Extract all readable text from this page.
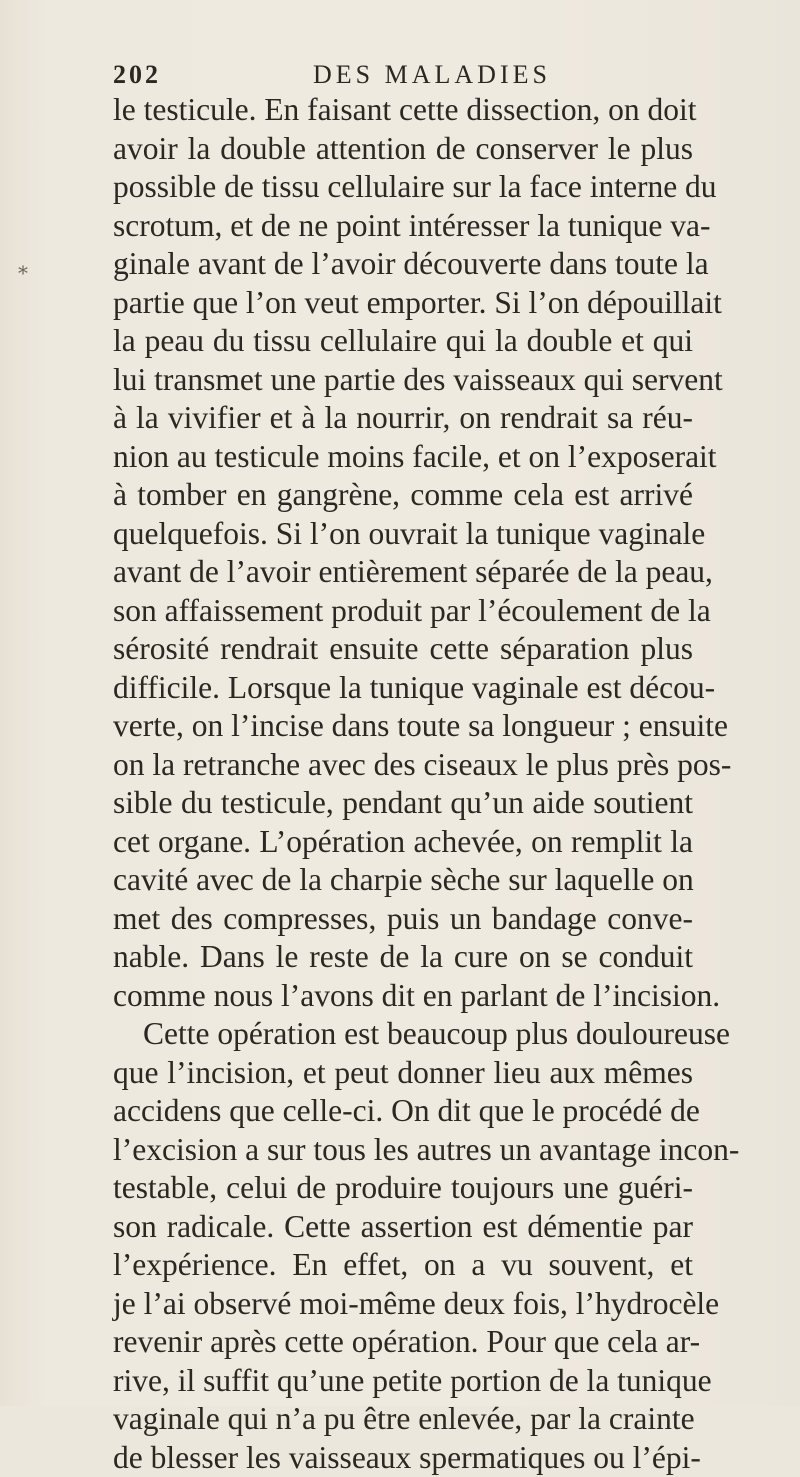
*
202	DES MALADIES
le testicule. En faisant cette dissection, on doit
avoir la double attention de conserver le plus
possible de tissu cellulaire sur la face interne du
scrotum, et de ne point intéresser la tunique va-
ginale avant de l’avoir découverte dans toute la
partie que l’on veut emporter. Si l’on dépouillait
la peau du tissu cellulaire qui la double et qui
lui transmet une partie des vaisseaux qui servent
à la vivifier et à la nourrir, on rendrait sa réu-
nion au testicule moins facile, et on l’exposerait
à tomber en gangrène, comme cela est arrivé
quelquefois. Si l’on ouvrait la tunique vaginale
avant de l’avoir entièrement séparée de la peau,
son affaissement produit par l’écoulement de la
sérosité rendrait ensuite cette séparation plus
difficile. Lorsque la tunique vaginale est décou-
verte, on l’incise dans toute sa longueur ; ensuite
on la retranche avec des ciseaux le plus près pos-
sible du testicule, pendant qu’un aide soutient
cet organe. L’opération achevée, on remplit la
cavité avec de la charpie sèche sur laquelle on
met des compresses, puis un bandage conve-
nable. Dans le reste de la cure on se conduit
comme nous l’avons dit en parlant de l’incision.
Cette opération est beaucoup plus douloureuse
que l’incision, et peut donner lieu aux mêmes
accidens que celle-ci. On dit que le procédé de
l’excision a sur tous les autres un avantage incon-
testable, celui de produire toujours une guéri-
son radicale. Cette assertion est démentie par
l’expérience. En effet, on a vu souvent, et
je l’ai observé moi-même deux fois, l’hydrocèle
revenir après cette opération. Pour que cela ar-
rive, il suffit qu’une petite portion de la tunique
vaginale qui n’a pu être enlevée, par la crainte
de blesser les vaisseaux spermatiques ou l’épi-
